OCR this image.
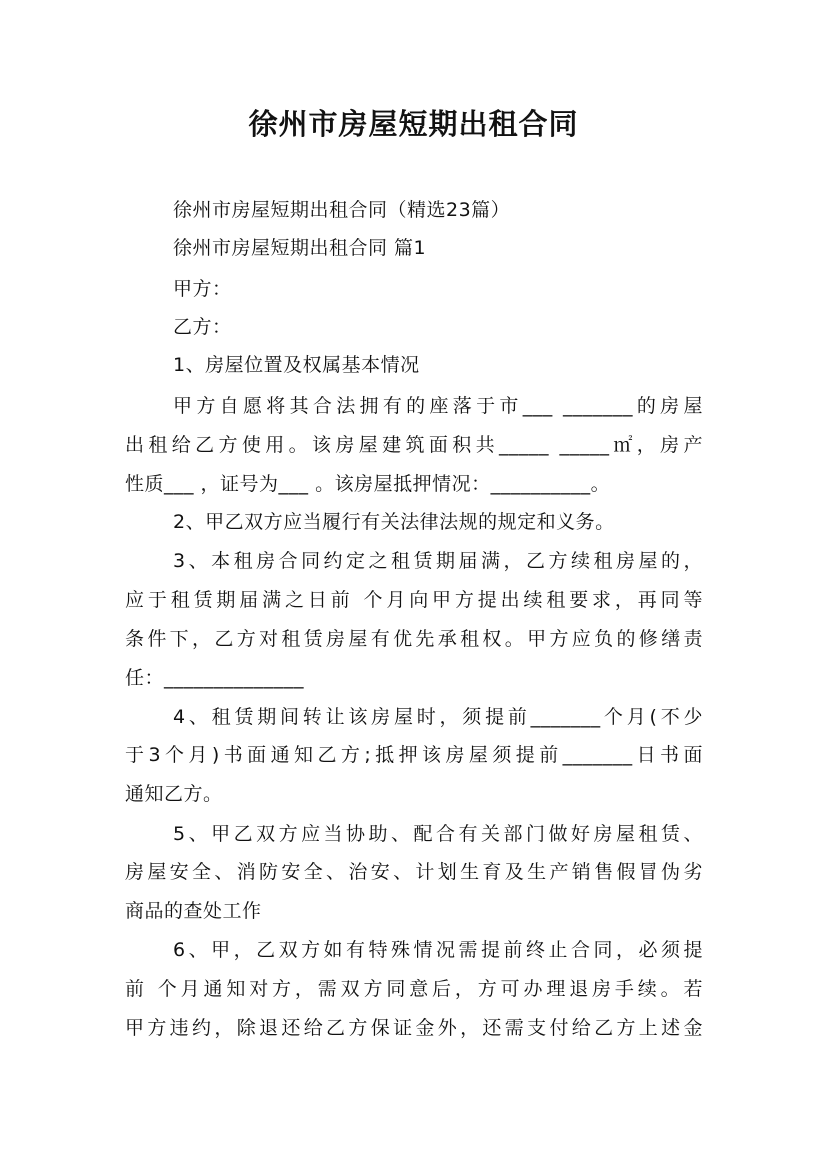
徐州市房屋短期出租合同
徐州市房屋短期出租合同（精选23篇）
徐州市房屋短期出租合同 篇1
甲方：
乙方：
1、房屋位置及权属基本情况
甲方自愿将其合法拥有的座落于市___ _______的房屋
出租给乙方使用。该房屋建筑面积共_____ _____㎡，房产
性质___ ，证号为___ 。该房屋抵押情况：__________。
2、甲乙双方应当履行有关法律法规的规定和义务。
3、本租房合同约定之租赁期届满，乙方续租房屋的，
应于租赁期届满之日前 个月向甲方提出续租要求，再同等
条件下，乙方对租赁房屋有优先承租权。甲方应负的修缮责
任：______________
4、租赁期间转让该房屋时，须提前_______个月(不少
于3个月)书面通知乙方;抵押该房屋须提前_______日书面
通知乙方。
5、甲乙双方应当协助、配合有关部门做好房屋租赁、
房屋安全、消防安全、治安、计划生育及生产销售假冒伪劣
商品的查处工作
6、甲，乙双方如有特殊情况需提前终止合同，必须提
前 个月通知对方，需双方同意后，方可办理退房手续。若
甲方违约，除退还给乙方保证金外，还需支付给乙方上述金
